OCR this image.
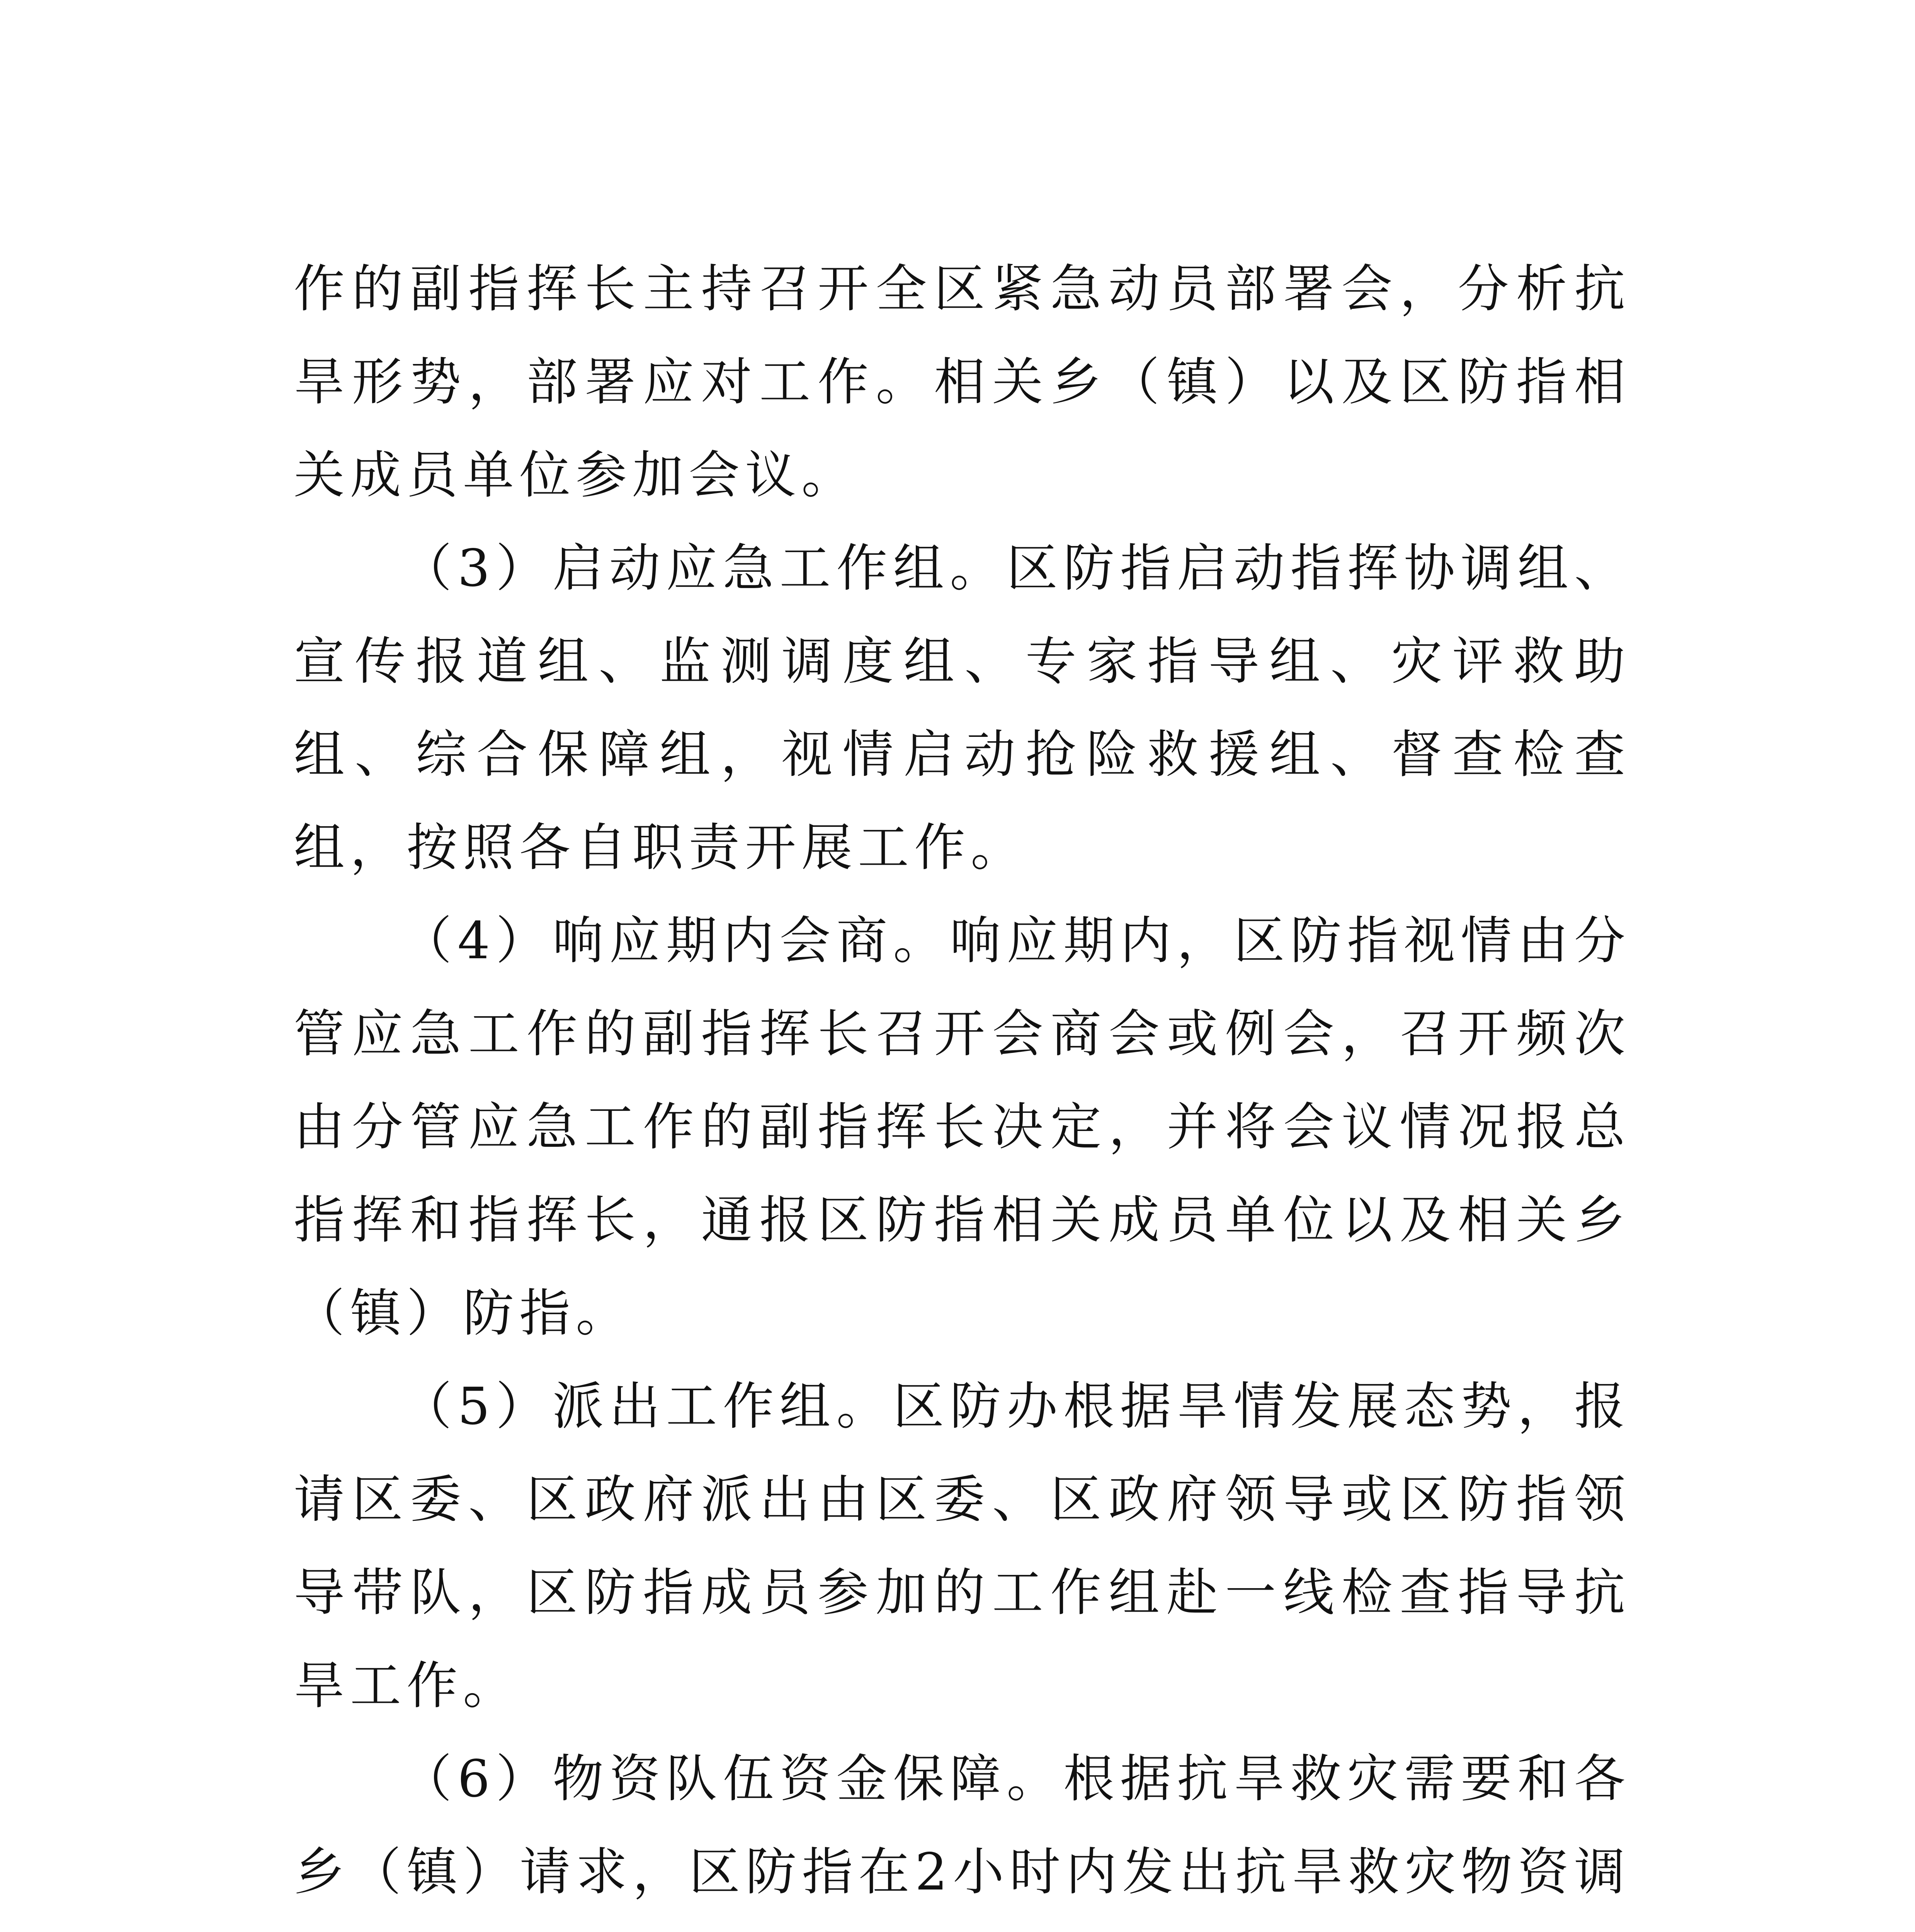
作的副指挥长主持召开全区紧急动员部署会，分析抗旱形势，部署应对工作。相关乡（镇）以及区防指相关成员单位参加会议。

（3）启动应急工作组。区防指启动指挥协调组、宣传报道组、监测调度组、专家指导组、灾评救助组、综合保障组，视情启动抢险救援组、督查检查组，按照各自职责开展工作。

（4）响应期内会商。响应期内，区防指视情由分管应急工作的副指挥长召开会商会或例会，召开频次由分管应急工作的副指挥长决定，并将会议情况报总指挥和指挥长，通报区防指相关成员单位以及相关乡（镇）防指。

（5）派出工作组。区防办根据旱情发展态势，报请区委、区政府派出由区委、区政府领导或区防指领导带队，区防指成员参加的工作组赴一线检查指导抗旱工作。

（6）物资队伍资金保障。根据抗旱救灾需要和各乡（镇）请求，区防指在2小时内发出抗旱救灾物资调
